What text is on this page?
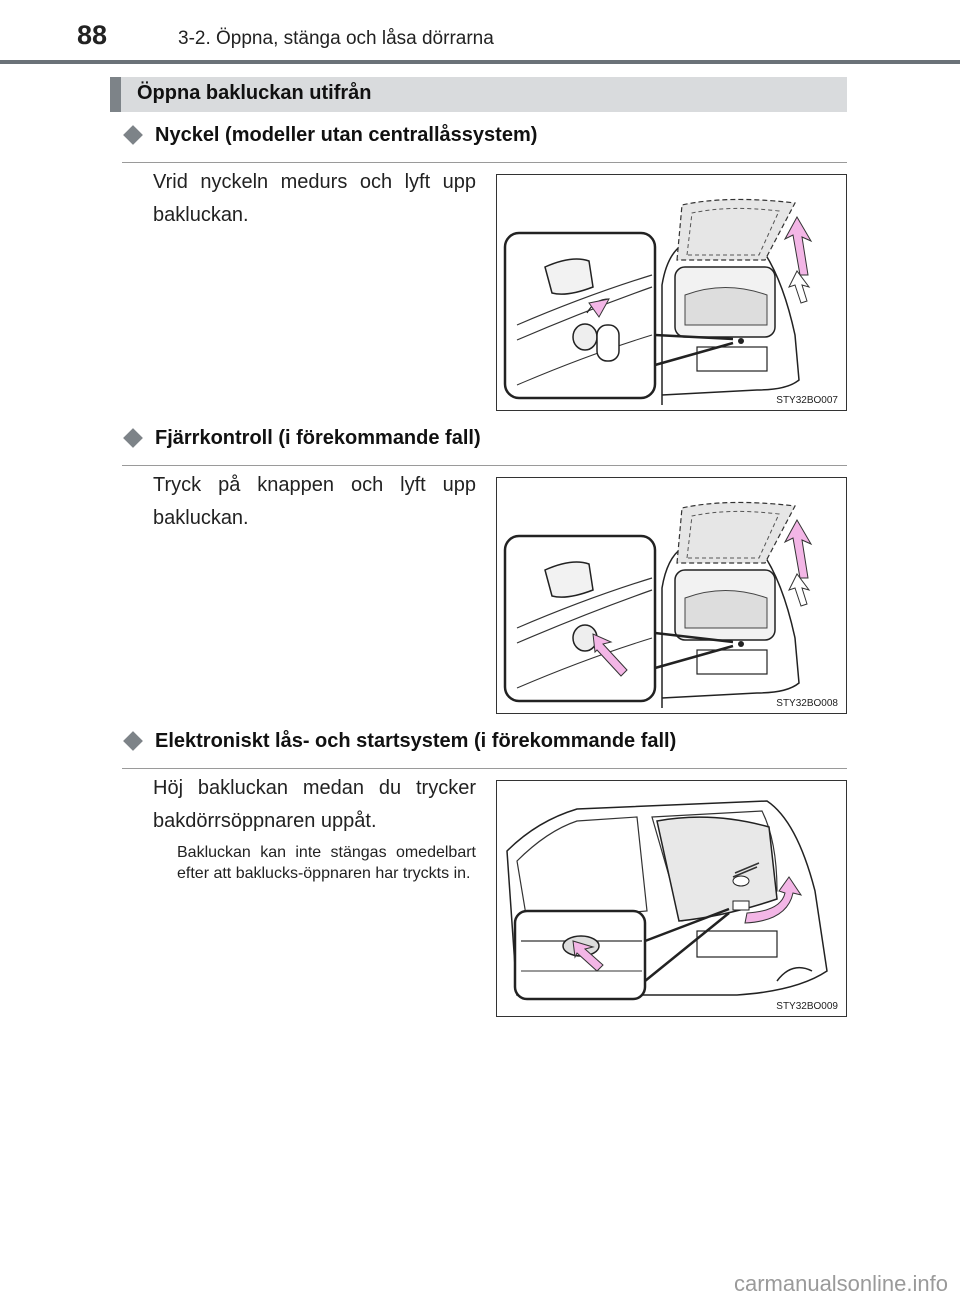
88	3-2. Öppna, stänga och låsa dörrarna
Öppna bakluckan utifrån
Nyckel (modeller utan centrallåssystem)
Vrid nyckeln medurs och lyft upp bakluckan.
STY32BO007
Fjärrkontroll (i förekommande fall)
Tryck på knappen och lyft upp bakluckan.
STY32BO008
Elektroniskt lås- och startsystem (i förekommande fall)
Höj bakluckan medan du trycker bakdörrsöppnaren uppåt.
Bakluckan kan inte stängas omedelbart efter att baklucks-öppnaren har tryckts in.
STY32BO009
carmanualsonline.info
